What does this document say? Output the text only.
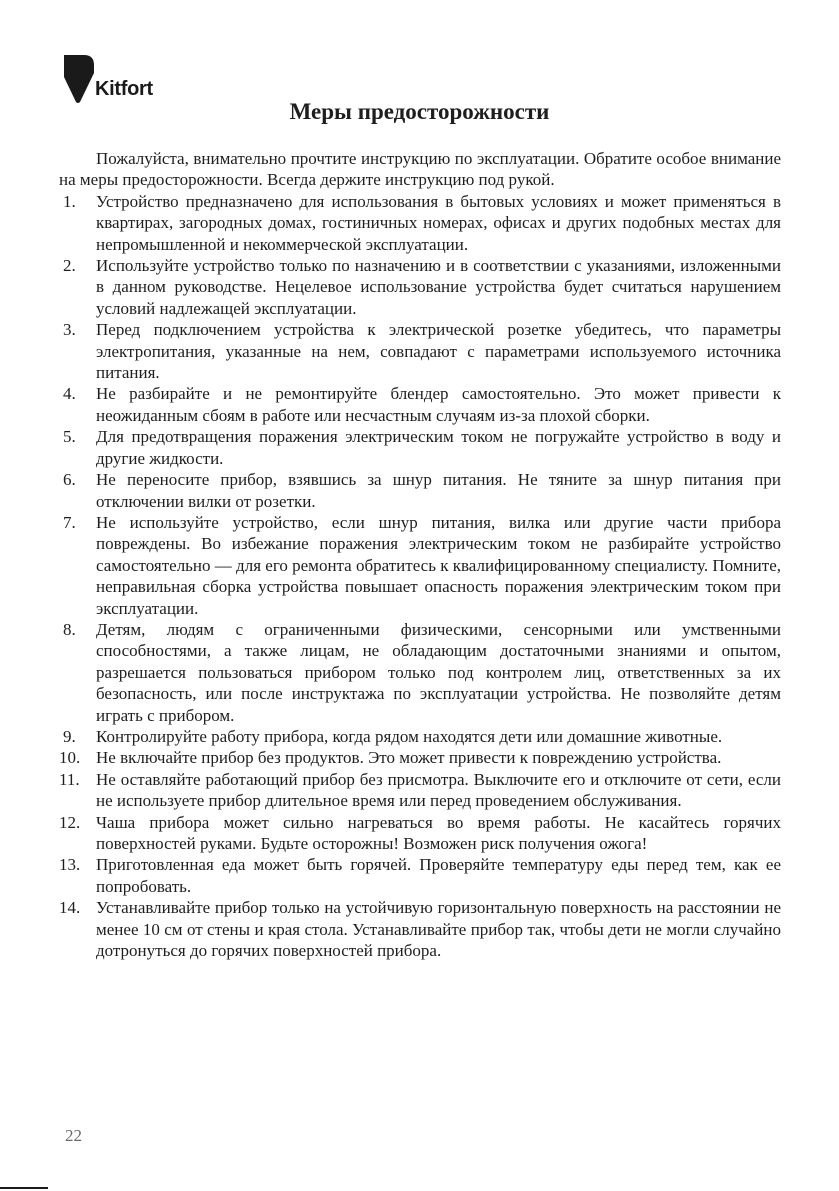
Kitfort
Меры предосторожности

Пожалуйста, внимательно прочтите инструкцию по эксплуатации. Обратите особое внимание на меры предосторожности. Всегда держите инструкцию под рукой.

1. Устройство предназначено для использования в бытовых условиях и может применяться в квартирах, загородных домах, гостиничных номерах, офисах и других подобных местах для непромышленной и некоммерческой эксплуатации.
2. Используйте устройство только по назначению и в соответствии с указаниями, изложенными в данном руководстве. Нецелевое использование устройства будет считаться нарушением условий надлежащей эксплуатации.
3. Перед подключением устройства к электрической розетке убедитесь, что параметры электропитания, указанные на нем, совпадают с параметрами используемого источника питания.
4. Не разбирайте и не ремонтируйте блендер самостоятельно. Это может привести к неожиданным сбоям в работе или несчастным случаям из-за плохой сборки.
5. Для предотвращения поражения электрическим током не погружайте устройство в воду и другие жидкости.
6. Не переносите прибор, взявшись за шнур питания. Не тяните за шнур питания при отключении вилки от розетки.
7. Не используйте устройство, если шнур питания, вилка или другие части прибора повреждены. Во избежание поражения электрическим током не разбирайте устройство самостоятельно — для его ремонта обратитесь к квалифицированному специалисту. Помните, неправильная сборка устройства повышает опасность поражения электрическим током при эксплуатации.
8. Детям, людям с ограниченными физическими, сенсорными или умственными способностями, а также лицам, не обладающим достаточными знаниями и опытом, разрешается пользоваться прибором только под контролем лиц, ответственных за их безопасность, или после инструктажа по эксплуатации устройства. Не позволяйте детям играть с прибором.
9. Контролируйте работу прибора, когда рядом находятся дети или домашние животные.
10. Не включайте прибор без продуктов. Это может привести к повреждению устройства.
11. Не оставляйте работающий прибор без присмотра. Выключите его и отключите от сети, если не используете прибор длительное время или перед проведением обслуживания.
12. Чаша прибора может сильно нагреваться во время работы. Не касайтесь горячих поверхностей руками. Будьте осторожны! Возможен риск получения ожога!
13. Приготовленная еда может быть горячей. Проверяйте температуру еды перед тем, как ее попробовать.
14. Устанавливайте прибор только на устойчивую горизонтальную поверхность на расстоянии не менее 10 см от стены и края стола. Устанавливайте прибор так, чтобы дети не могли случайно дотронуться до горячих поверхностей прибора.
22
